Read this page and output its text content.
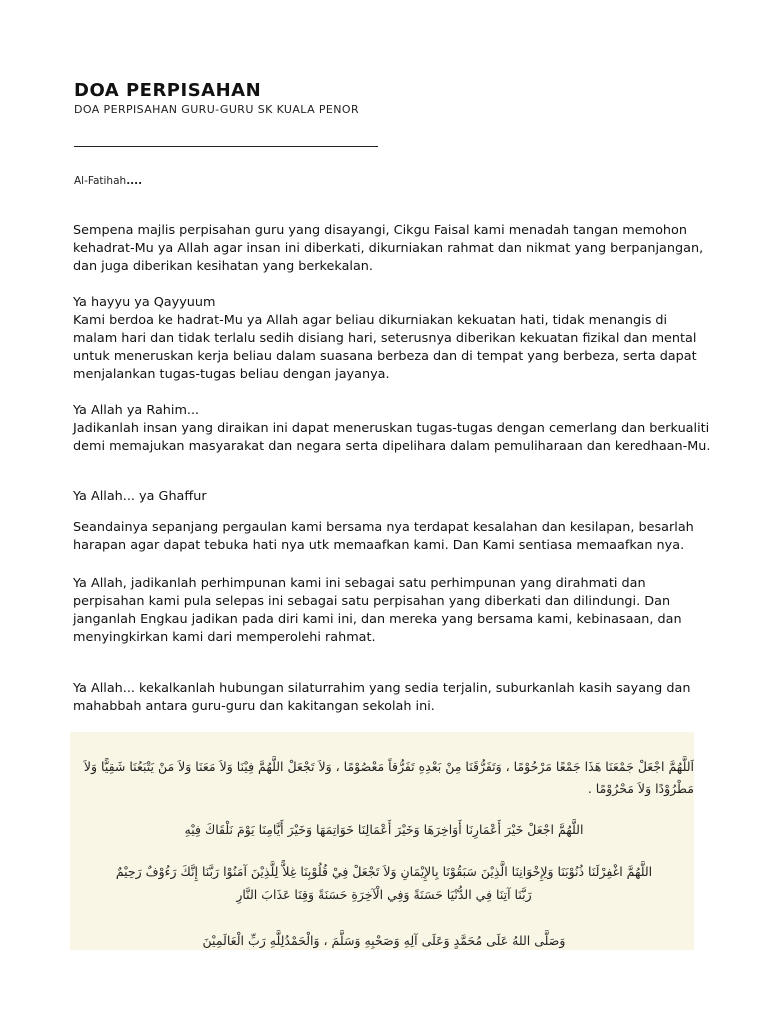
DOA PERPISAHAN
DOA PERPISAHAN GURU-GURU SK KUALA PENOR
Al-Fatihah....

Sempena majlis perpisahan guru yang disayangi, Cikgu Faisal kami menadah tangan memohon kehadrat-Mu ya Allah agar insan ini diberkati, dikurniakan rahmat dan nikmat yang berpanjangan, dan juga diberikan kesihatan yang berkekalan.

Ya hayyu ya Qayyuum

Kami berdoa ke hadrat-Mu ya Allah agar beliau dikurniakan kekuatan hati, tidak menangis di malam hari dan tidak terlalu sedih disiang hari, seterusnya diberikan kekuatan fizikal dan mental untuk meneruskan kerja beliau dalam suasana berbeza dan di tempat yang berbeza, serta dapat menjalankan tugas-tugas beliau dengan jayanya.

Ya Allah ya Rahim...

Jadikanlah insan yang diraikan ini dapat meneruskan tugas-tugas dengan cemerlang dan berkualiti demi memajukan masyarakat dan negara serta dipelihara dalam pemuliharaan dan keredhaan-Mu.

Ya Allah... ya Ghaffur

Seandainya sepanjang pergaulan kami bersama nya terdapat kesalahan dan kesilapan, besarlah harapan agar dapat tebuka hati nya utk memaafkan kami. Dan Kami sentiasa memaafkan nya.

Ya Allah, jadikanlah perhimpunan kami ini sebagai satu perhimpunan yang dirahmati dan perpisahan kami pula selepas ini sebagai satu perpisahan yang diberkati dan dilindungi. Dan janganlah Engkau jadikan pada diri kami ini, dan mereka yang bersama kami, kebinasaan, dan menyingkirkan kami dari memperolehi rahmat.

Ya Allah... kekalkanlah hubungan silaturrahim yang sedia terjalin, suburkanlah kasih sayang dan mahabbah antara guru-guru dan kakitangan sekolah ini.

اَللَّهُمَّ اجْعَلْ جَمْعَنَا هَذَا جَمْعًا مَرْحُوْمًا ، وَتَفَرُّقَنَا مِنْ بَعْدِهِ تَفَرُّقاً مَعْصُوْمًا ، وَلاَ تَجْعَلْ اللَّهُمَّ فِيْنَا وَلاَ مَعَنَا وَلاَ مَنْ يَتْبَعُنَا شَقِيًّا وَلاَ مَطْرُوْدًا وَلاَ مَحْرُوْمًا .
اللَّهُمَّ اجْعَلْ خَيْرَ أَعْمَارِنَا أَوَاخِرَهَا وَخَيْرَ أَعْمَالِنَا خَوَاتِمَهَا وَخَيْرَ أَيَّامِنَا يَوْمَ نَلْقَاكَ فِيْهِ
اللَّهُمَّ اغْفِرْلَنَا ذُنُوْبَنَا وَلِإِخْوَانِنَا الَّذِيْنَ سَبَقُوْنَا بِالإِيْمَانِ وَلاَ تَجْعَلْ فِيْ قُلُوْبِنَا غِلاًّ لِلَّذِيْنَ آمَنُوْا رَبَّنَا إِنَّكَ رَءُوْفٌ رَحِيْمٌ
رَبَّنَا آتِنَا فِي الدُّنْيَا حَسَنَةً وَفِي الْآخِرَةِ حَسَنَةً وَقِنَا عَذَابَ النَّارِ
وَصَلَّى اللهُ عَلَى مُحَمَّدٍ وَعَلَى آلِهِ وَصَحْبِهِ وَسَلَّمَ ، وَالْحَمْدُلِلَّهِ رَبِّ الْعَالَمِيْنَ
